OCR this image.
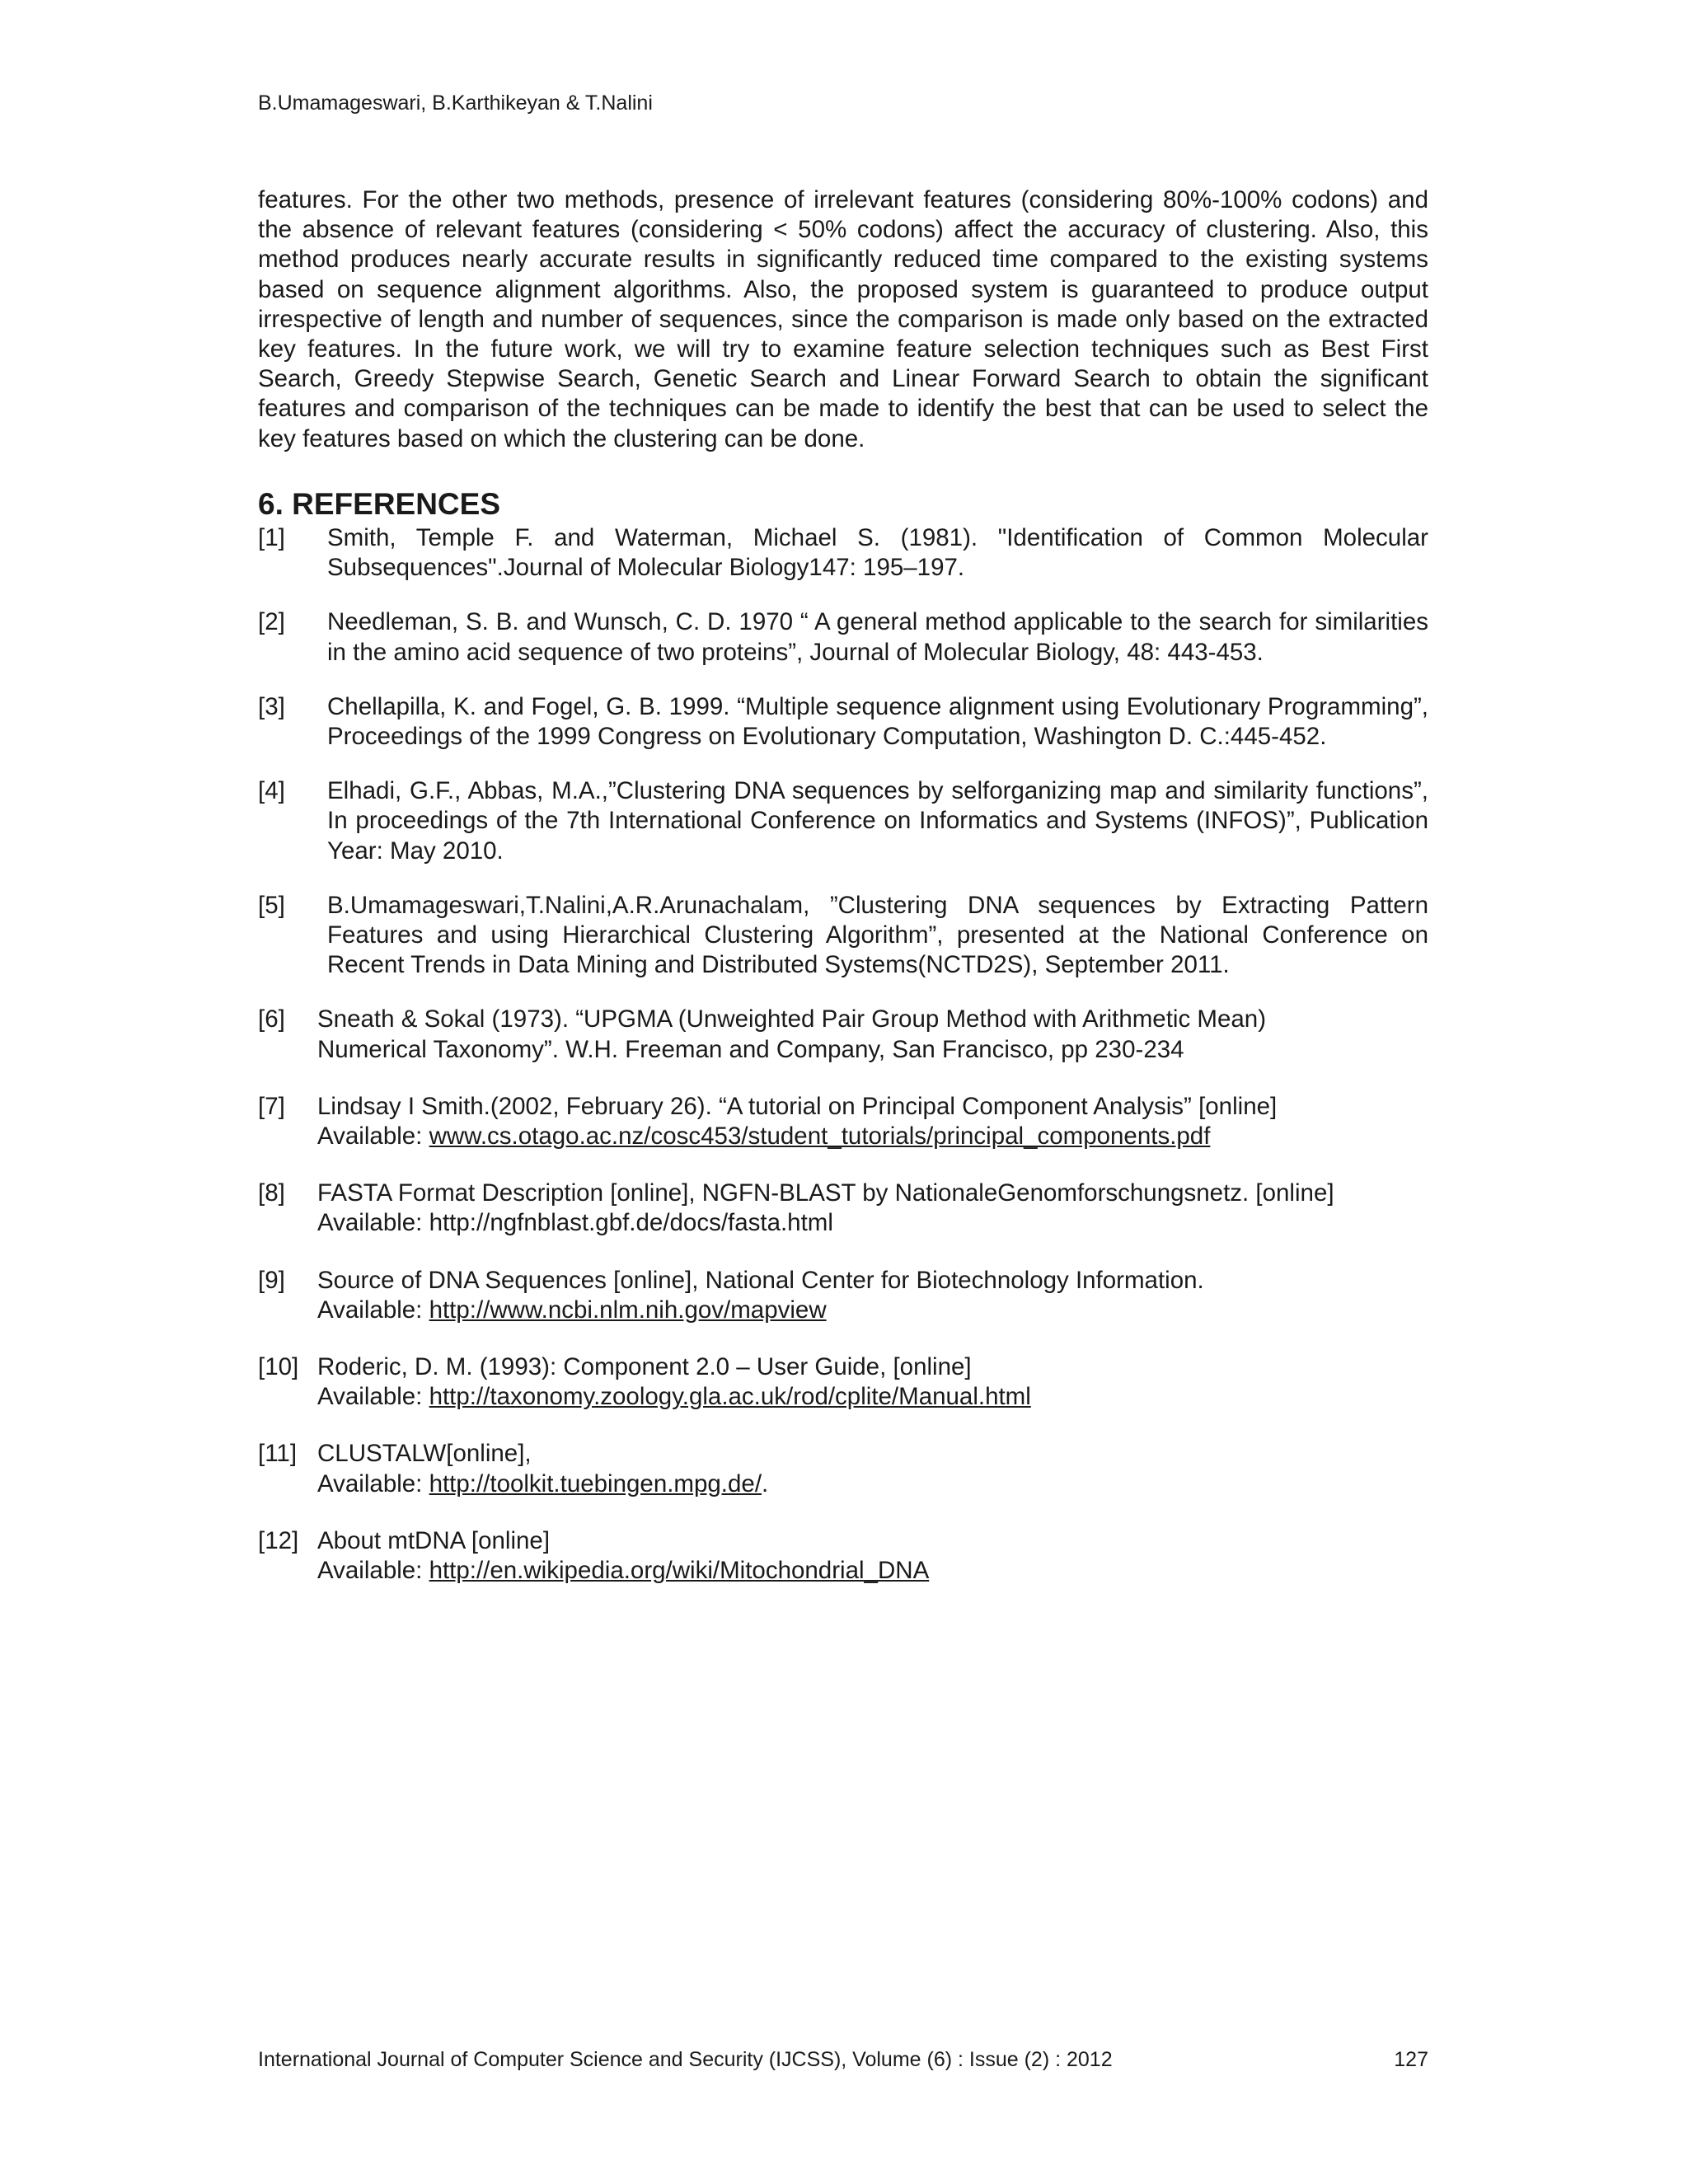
B.Umamageswari, B.Karthikeyan & T.Nalini

features. For the other two methods, presence of irrelevant features (considering 80%-100% codons) and the absence of relevant features (considering < 50% codons) affect the accuracy of clustering. Also, this method produces nearly accurate results in significantly reduced time compared to the existing systems based on sequence alignment algorithms. Also, the proposed system is guaranteed to produce output irrespective of length and number of sequences, since the comparison is made only based on the extracted key features. In the future work, we will try to examine feature selection techniques such as Best First Search, Greedy Stepwise Search, Genetic Search and Linear Forward Search to obtain the significant features and comparison of the techniques can be made to identify the best that can be used to select the key features based on which the clustering can be done.

6. REFERENCES
[1] Smith, Temple F. and Waterman, Michael S. (1981). "Identification of Common Molecular Subsequences".Journal of Molecular Biology147: 195–197.
[2] Needleman, S. B. and Wunsch, C. D. 1970 “ A general method applicable to the search for similarities in the amino acid sequence of two proteins”, Journal of Molecular Biology, 48: 443-453.
[3] Chellapilla, K. and Fogel, G. B. 1999. “Multiple sequence alignment using Evolutionary Programming”, Proceedings of the 1999 Congress on Evolutionary Computation, Washington D. C.:445-452.
[4] Elhadi, G.F., Abbas, M.A.,”Clustering DNA sequences by selforganizing map and similarity functions”, In proceedings of the 7th International Conference on Informatics and Systems (INFOS)”, Publication Year: May 2010.
[5] B.Umamageswari,T.Nalini,A.R.Arunachalam, ”Clustering DNA sequences by Extracting Pattern Features and using Hierarchical Clustering Algorithm”, presented at the National Conference on Recent Trends in Data Mining and Distributed Systems(NCTD2S), September 2011.
[6] Sneath & Sokal (1973). “UPGMA (Unweighted Pair Group Method with Arithmetic Mean)
Numerical Taxonomy”. W.H. Freeman and Company, San Francisco, pp 230-234
[7] Lindsay I Smith.(2002, February 26). “A tutorial on Principal Component Analysis” [online]
Available: www.cs.otago.ac.nz/cosc453/student_tutorials/principal_components.pdf
[8] FASTA Format Description [online], NGFN-BLAST by NationaleGenomforschungsnetz. [online]
Available: http://ngfnblast.gbf.de/docs/fasta.html
[9] Source of DNA Sequences [online], National Center for Biotechnology Information.
Available: http://www.ncbi.nlm.nih.gov/mapview
[10] Roderic, D. M. (1993): Component 2.0 – User Guide, [online]
Available: http://taxonomy.zoology.gla.ac.uk/rod/cplite/Manual.html
[11] CLUSTALW[online],
Available: http://toolkit.tuebingen.mpg.de/.
[12] About mtDNA [online]
Available: http://en.wikipedia.org/wiki/Mitochondrial_DNA
International Journal of Computer Science and Security (IJCSS), Volume (6) : Issue (2) : 2012	127
